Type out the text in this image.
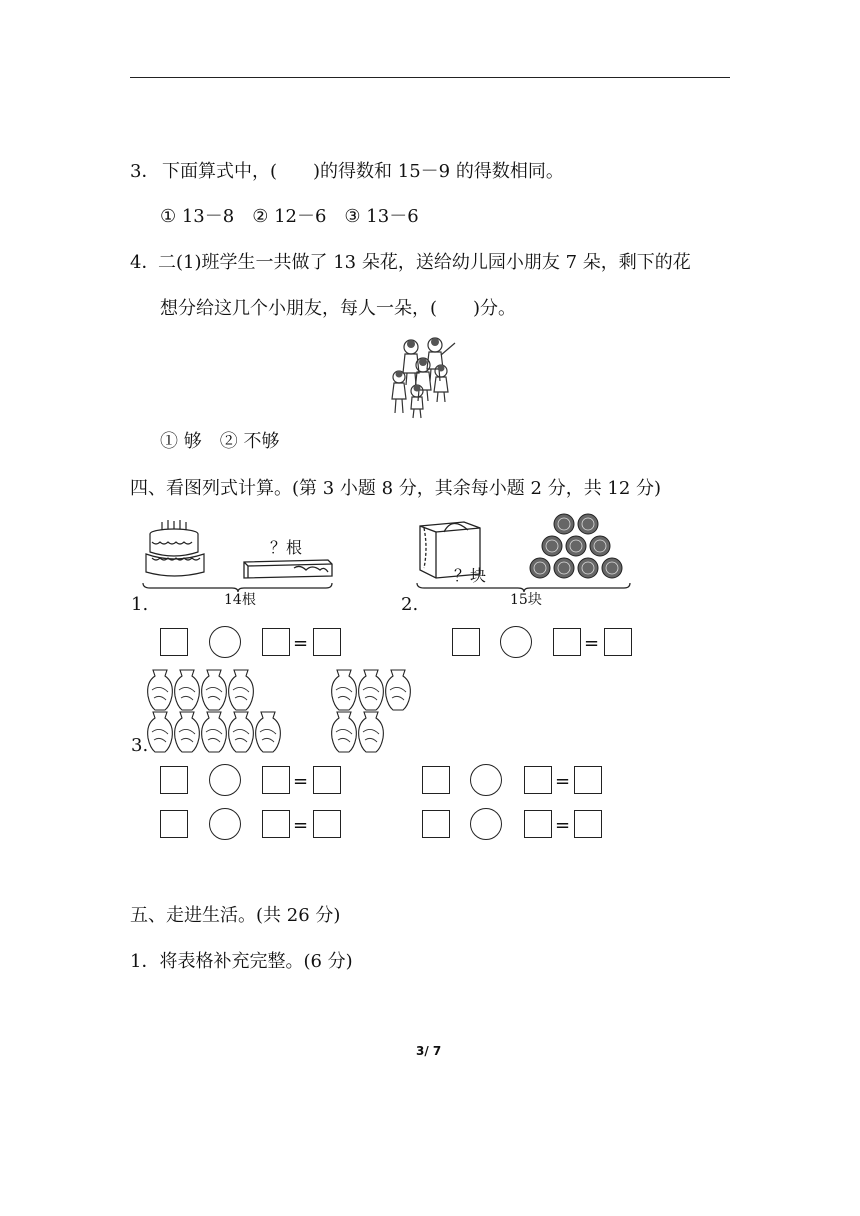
3． 下面算式中，(　　)的得数和 15－9 的得数相同。
① 13－8　② 12－6　③ 13－6
4．
二(1)班学生一共做了 13 朵花，送给幼儿园小朋友 7 朵，剩下的花
想分给这几个小朋友，每人一朵，(　　)分。
① 够　② 不够
四、看图列式计算。(第 3 小题 8 分，其余每小题 2 分，共 12 分)
？根
14根
1.
=
？块
15块
2.
=
3.
=
=
=
=
五、走进生活。(共 26 分)
1．将表格补充完整。(6 分)
3/ 7
